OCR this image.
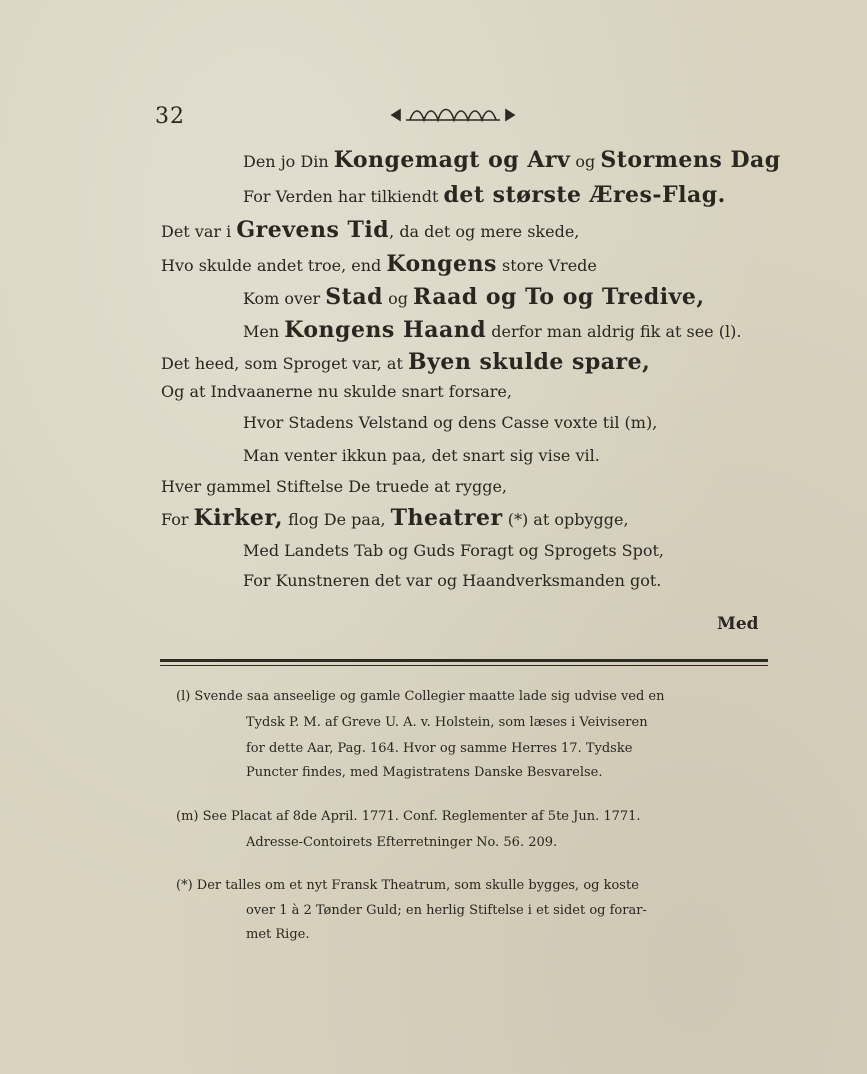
32
Den jo Din Kongemagt og Arv og Stormens Dag
For Verden har tilkiendt det største Æres-Flag.
Det var i Grevens Tid, da det og mere skede,
Hvo skulde andet troe, end Kongens store Vrede
Kom over Stad og Raad og To og Tredive,
Men Kongens Haand derfor man aldrig fik at see (l).
Det heed, som Sproget var, at Byen skulde spare,
Og at Indvaanerne nu skulde snart forsare,
Hvor Stadens Velstand og dens Casse voxte til (m),
Man venter ikkun paa, det snart sig vise vil.
Hver gammel Stiftelse De truede at rygge,
For Kirker, flog De paa, Theatrer (*) at opbygge,
Med Landets Tab og Guds Foragt og Sprogets Spot,
For Kunstneren det var og Haandverksmanden got.
Med
(l) Svende saa anseelige og gamle Collegier maatte lade sig udvise ved en
Tydsk P. M. af Greve U. A. v. Holstein, som læses i Veiviseren
for dette Aar, Pag. 164. Hvor og samme Herres 17. Tydske
Puncter findes, med Magistratens Danske Besvarelse.
(m) See Placat af 8de April. 1771. Conf. Reglementer af 5te Jun. 1771.
Adresse-Contoirets Efterretninger No. 56. 209.
(*) Der talles om et nyt Fransk Theatrum, som skulle bygges, og koste
over 1 à 2 Tønder Guld; en herlig Stiftelse i et sidet og forar-
met Rige.
